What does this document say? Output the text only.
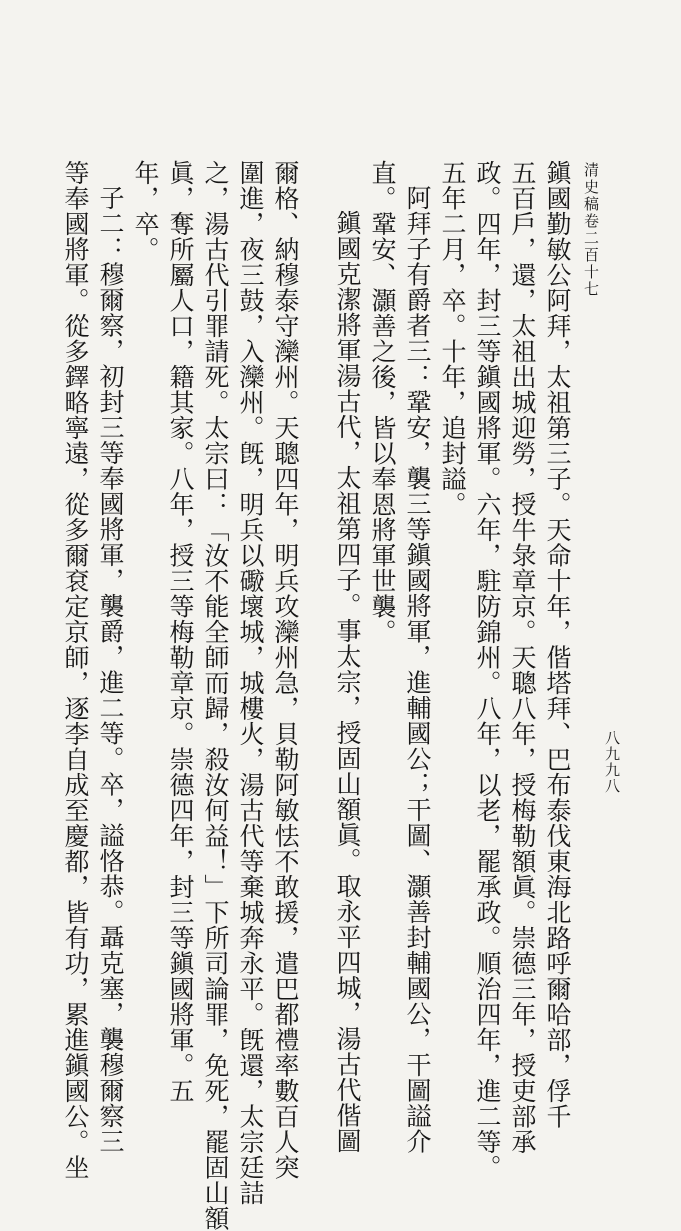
清史稿卷二百十七
鎭國勤敏公阿拜，太祖第三子。天命十年，偕塔拜、巴布泰伐東海北路呼爾哈部，俘千
五百戶，還，太祖出城迎勞，授牛彔章京。天聰八年，授梅勒額眞。崇德三年，授吏部承
政。四年，封三等鎭國將軍。六年，駐防錦州。八年，以老，罷承政。順治四年，進二等。
五年二月，卒。十年，追封謚。
阿拜子有爵者三：鞏安，襲三等鎭國將軍，進輔國公；干圖、灝善封輔國公，干圖謚介
直。鞏安、灝善之後，皆以奉恩將軍世襲。
鎭國克潔將軍湯古代，太祖第四子。事太宗，授固山額眞。取永平四城，湯古代偕圖
爾格、納穆泰守灤州。天聰四年，明兵攻灤州急，貝勒阿敏怯不敢援，遣巴都禮率數百人突
圍進，夜三鼓，入灤州。旣，明兵以礮壞城，城樓火，湯古代等棄城奔永平。旣還，太宗廷詰
之，湯古代引罪請死。太宗曰：「汝不能全師而歸，殺汝何益！」下所司論罪，免死，罷固山額
眞，奪所屬人口，籍其家。八年，授三等梅勒章京。崇德四年，封三等鎭國將軍。五
年，卒。
子二：穆爾察，初封三等奉國將軍，襲爵，進二等。卒，謚恪恭。聶克塞，襲穆爾察三
等奉國將軍。從多鐸略寧遠，從多爾袞定京師，逐李自成至慶都，皆有功，累進鎭國公。坐	八九九八
